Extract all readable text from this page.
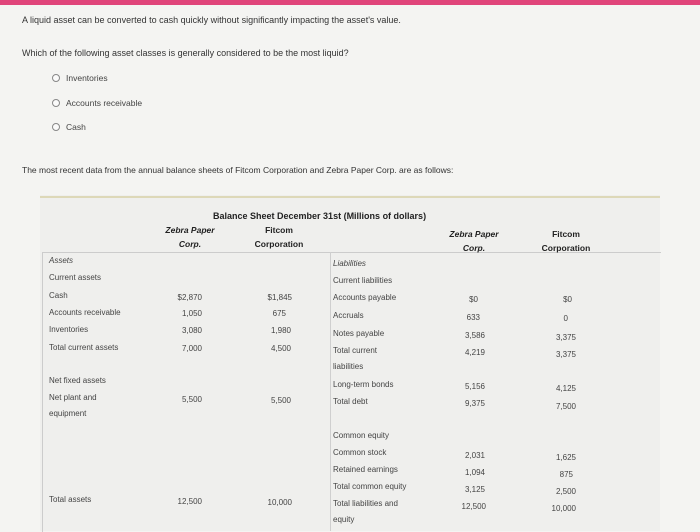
A liquid asset can be converted to cash quickly without significantly impacting the asset's value.
Which of the following asset classes is generally considered to be the most liquid?
Inventories
Accounts receivable
Cash
The most recent data from the annual balance sheets of Fitcom Corporation and Zebra Paper Corp. are as follows:
Balance Sheet December 31st (Millions of dollars)
Zebra Paper
Corp.
Fitcom
Corporation
Zebra Paper
Corp.
Fitcom
Corporation
Assets
Current assets
Cash	$2,870	$1,845
Accounts receivable	1,050	675
Inventories	3,080	1,980
Total current assets	7,000	4,500
Net fixed assets
Net plant and
equipment
5,500	5,500
Total assets	12,500	10,000
Liabilities
Current liabilities
Accounts payable	$0	$0
Accruals	633	0
Notes payable	3,586	3,375
Total current
liabilities
4,219	3,375
Long-term bonds	5,156	4,125
Total debt	9,375	7,500
Common equity
Common stock	2,031	1,625
Retained earnings	1,094	875
Total common equity	3,125	2,500
Total liabilities and
equity
12,500	10,000
